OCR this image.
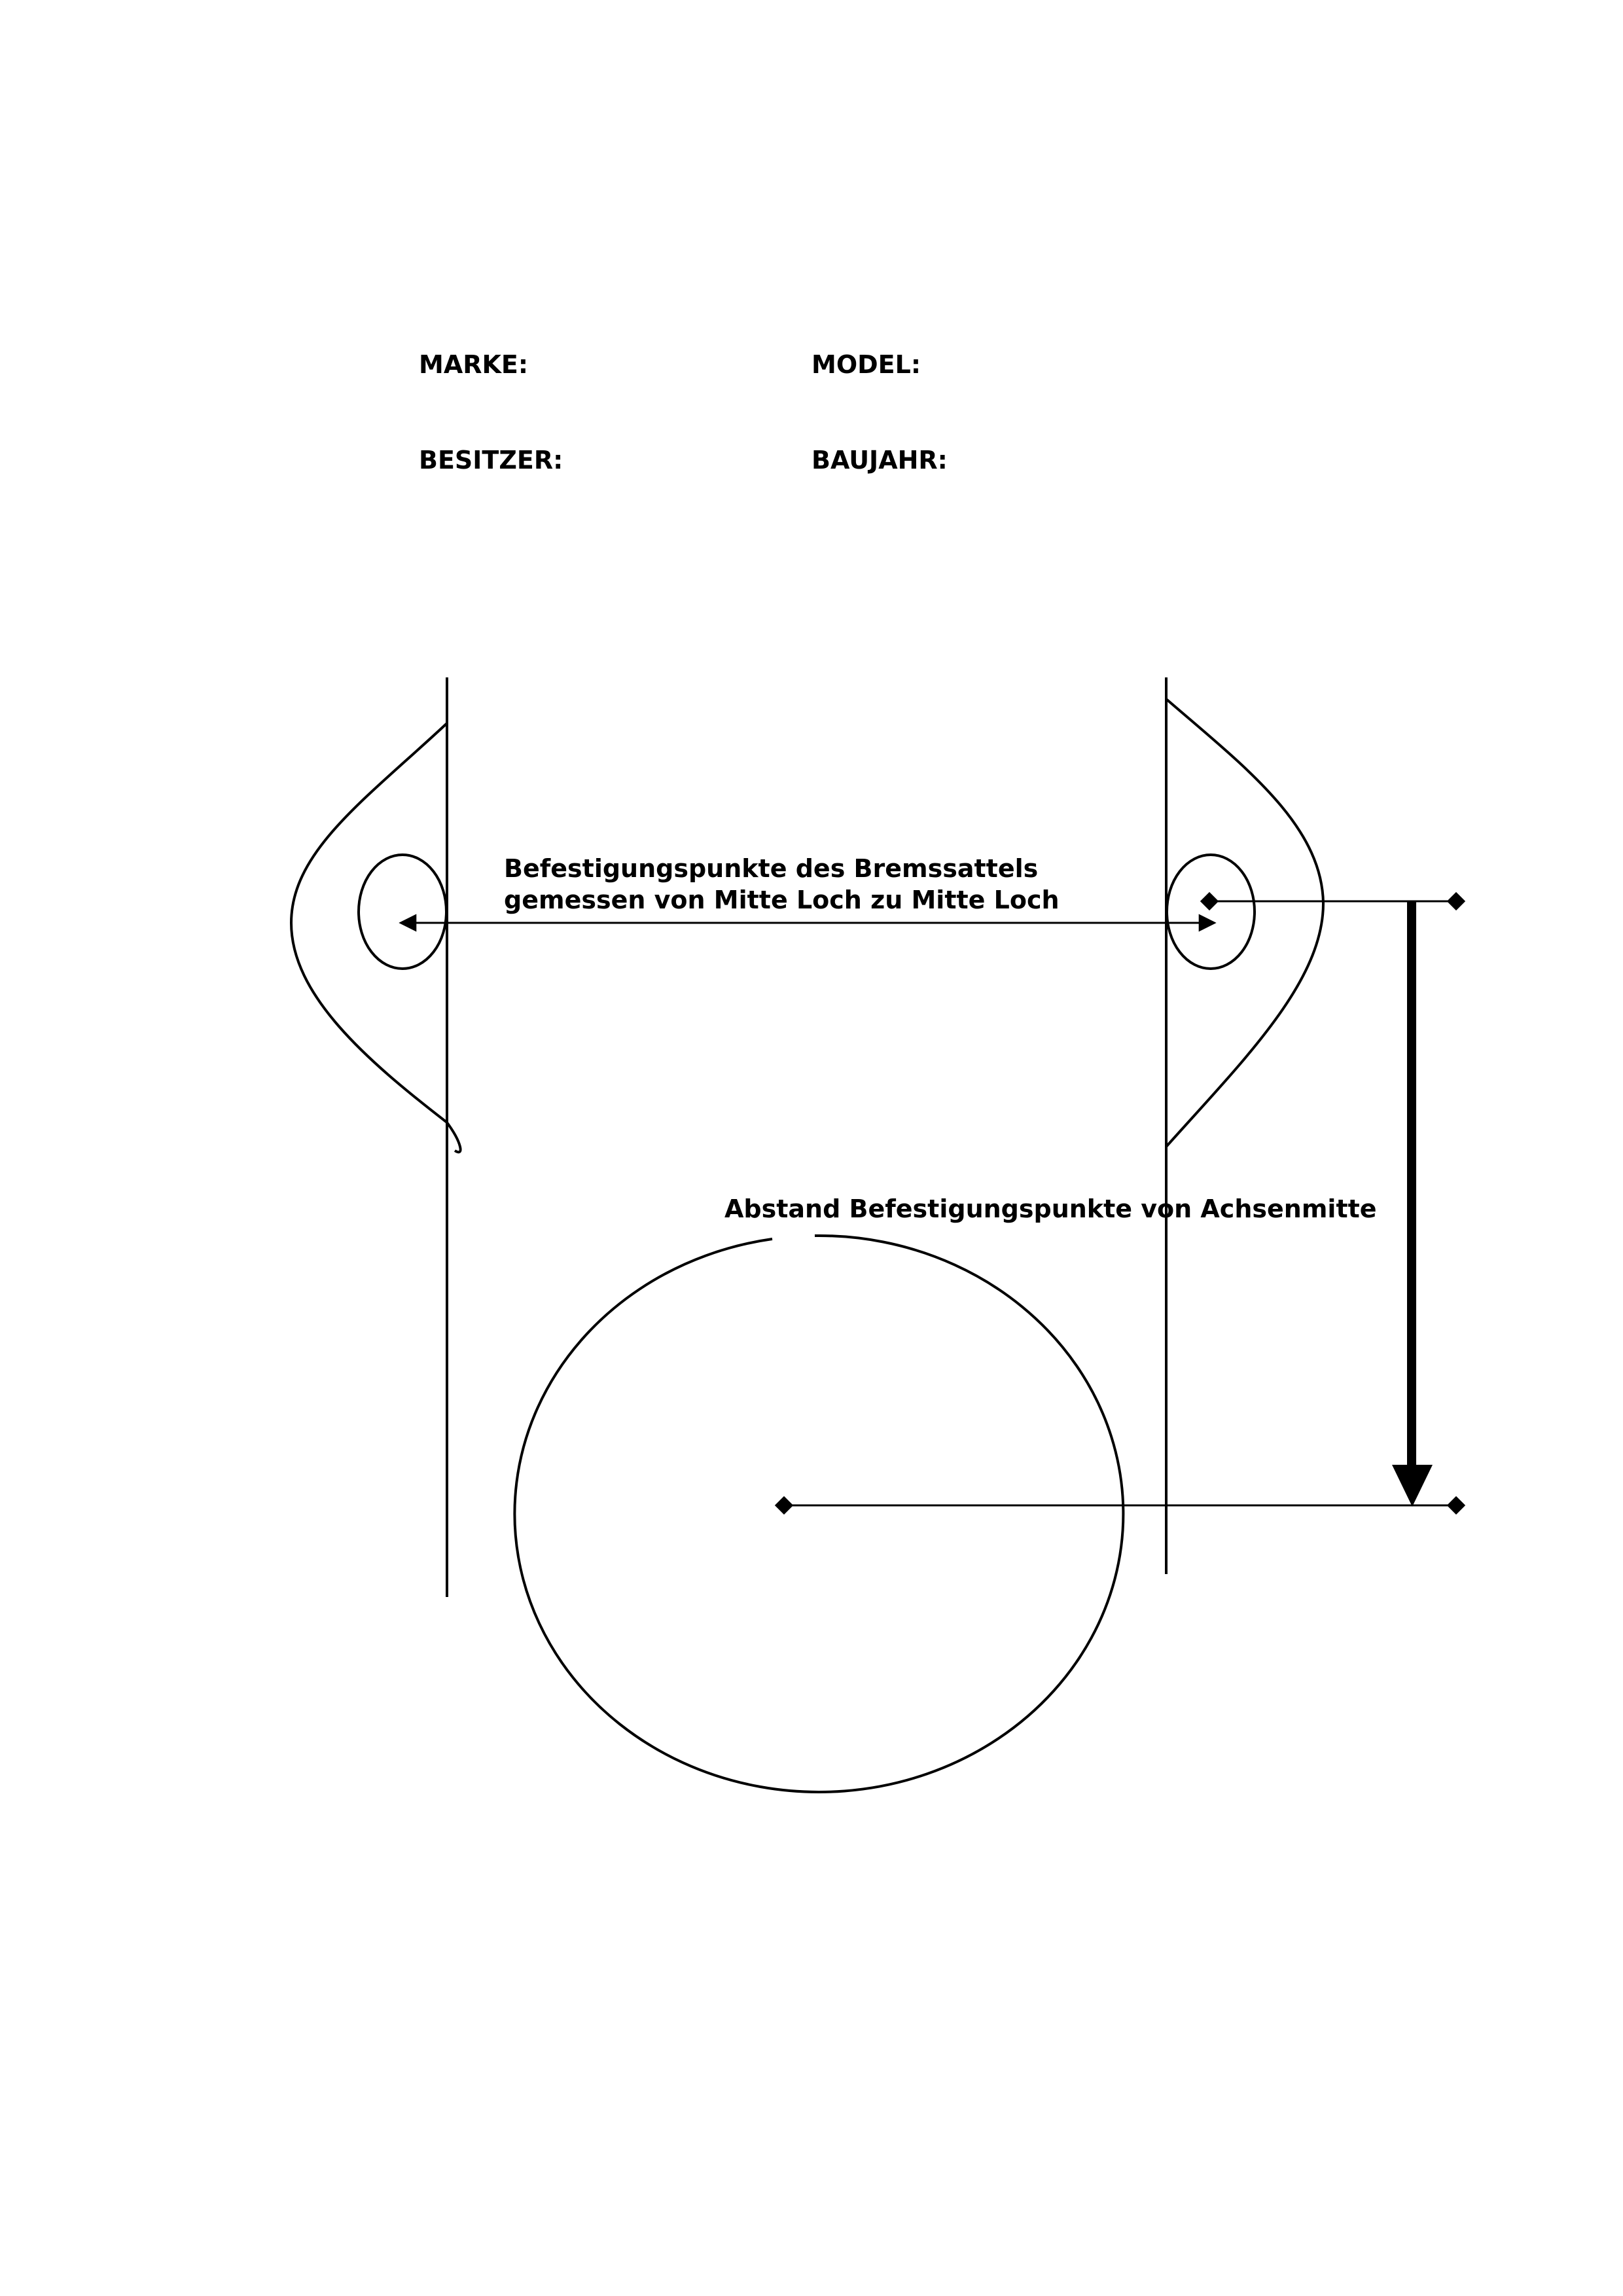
MARKE:	MODEL:
BESITZER:	BAUJAHR:
Befestigungspunkte des Bremssattels
gemessen von Mitte Loch zu Mitte Loch
Abstand Befestigungspunkte von Achsenmitte
